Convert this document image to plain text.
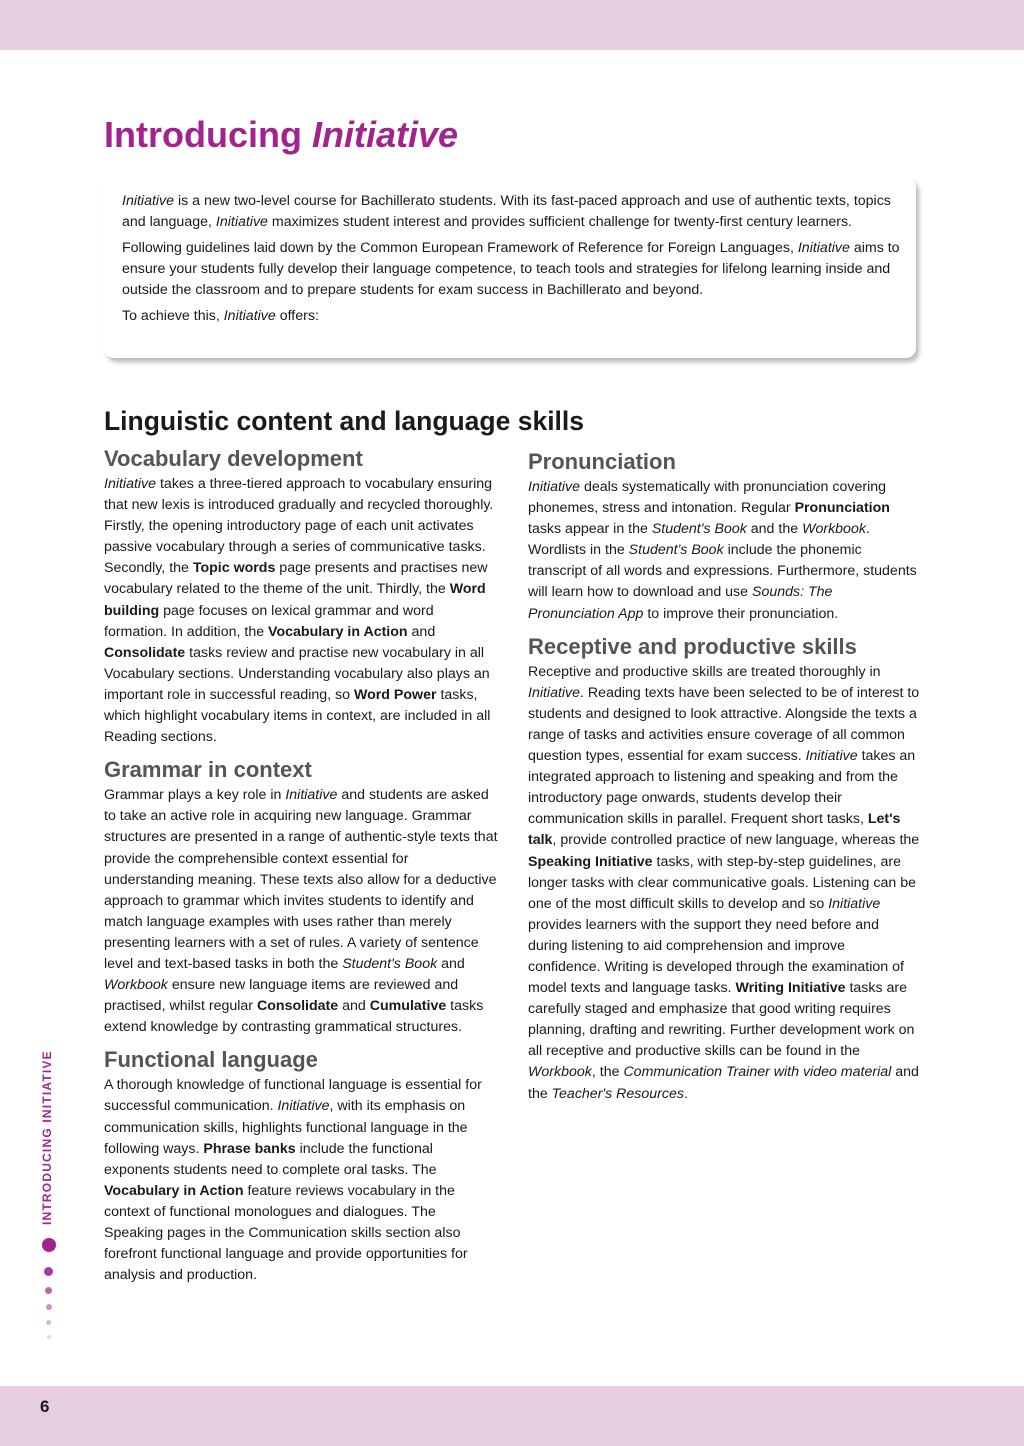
Introducing Initiative

Initiative is a new two-level course for Bachillerato students. With its fast-paced approach and use of authentic texts, topics and language, Initiative maximizes student interest and provides sufficient challenge for twenty-first century learners.

Following guidelines laid down by the Common European Framework of Reference for Foreign Languages, Initiative aims to ensure your students fully develop their language competence, to teach tools and strategies for lifelong learning inside and outside the classroom and to prepare students for exam success in Bachillerato and beyond.

To achieve this, Initiative offers:

Linguistic content and language skills
Vocabulary development

Initiative takes a three-tiered approach to vocabulary ensuring that new lexis is introduced gradually and recycled thoroughly. Firstly, the opening introductory page of each unit activates passive vocabulary through a series of communicative tasks. Secondly, the Topic words page presents and practises new vocabulary related to the theme of the unit. Thirdly, the Word building page focuses on lexical grammar and word formation. In addition, the Vocabulary in Action and Consolidate tasks review and practise new vocabulary in all Vocabulary sections. Understanding vocabulary also plays an important role in successful reading, so Word Power tasks, which highlight vocabulary items in context, are included in all Reading sections.

Grammar in context

Grammar plays a key role in Initiative and students are asked to take an active role in acquiring new language. Grammar structures are presented in a range of authentic-style texts that provide the comprehensible context essential for understanding meaning. These texts also allow for a deductive approach to grammar which invites students to identify and match language examples with uses rather than merely presenting learners with a set of rules. A variety of sentence level and text-based tasks in both the Student's Book and Workbook ensure new language items are reviewed and practised, whilst regular Consolidate and Cumulative tasks extend knowledge by contrasting grammatical structures.

Functional language

A thorough knowledge of functional language is essential for successful communication. Initiative, with its emphasis on communication skills, highlights functional language in the following ways. Phrase banks include the functional exponents students need to complete oral tasks. The Vocabulary in Action feature reviews vocabulary in the context of functional monologues and dialogues. The Speaking pages in the Communication skills section also forefront functional language and provide opportunities for analysis and production.

Pronunciation

Initiative deals systematically with pronunciation covering phonemes, stress and intonation. Regular Pronunciation tasks appear in the Student's Book and the Workbook. Wordlists in the Student's Book include the phonemic transcript of all words and expressions. Furthermore, students will learn how to download and use Sounds: The Pronunciation App to improve their pronunciation.

Receptive and productive skills

Receptive and productive skills are treated thoroughly in Initiative. Reading texts have been selected to be of interest to students and designed to look attractive. Alongside the texts a range of tasks and activities ensure coverage of all common question types, essential for exam success. Initiative takes an integrated approach to listening and speaking and from the introductory page onwards, students develop their communication skills in parallel. Frequent short tasks, Let's talk, provide controlled practice of new language, whereas the Speaking Initiative tasks, with step-by-step guidelines, are longer tasks with clear communicative goals. Listening can be one of the most difficult skills to develop and so Initiative provides learners with the support they need before and during listening to aid comprehension and improve confidence. Writing is developed through the examination of model texts and language tasks. Writing Initiative tasks are carefully staged and emphasize that good writing requires planning, drafting and rewriting. Further development work on all receptive and productive skills can be found in the Workbook, the Communication Trainer with video material and the Teacher's Resources.

INTRODUCING INITIATIVE
6
